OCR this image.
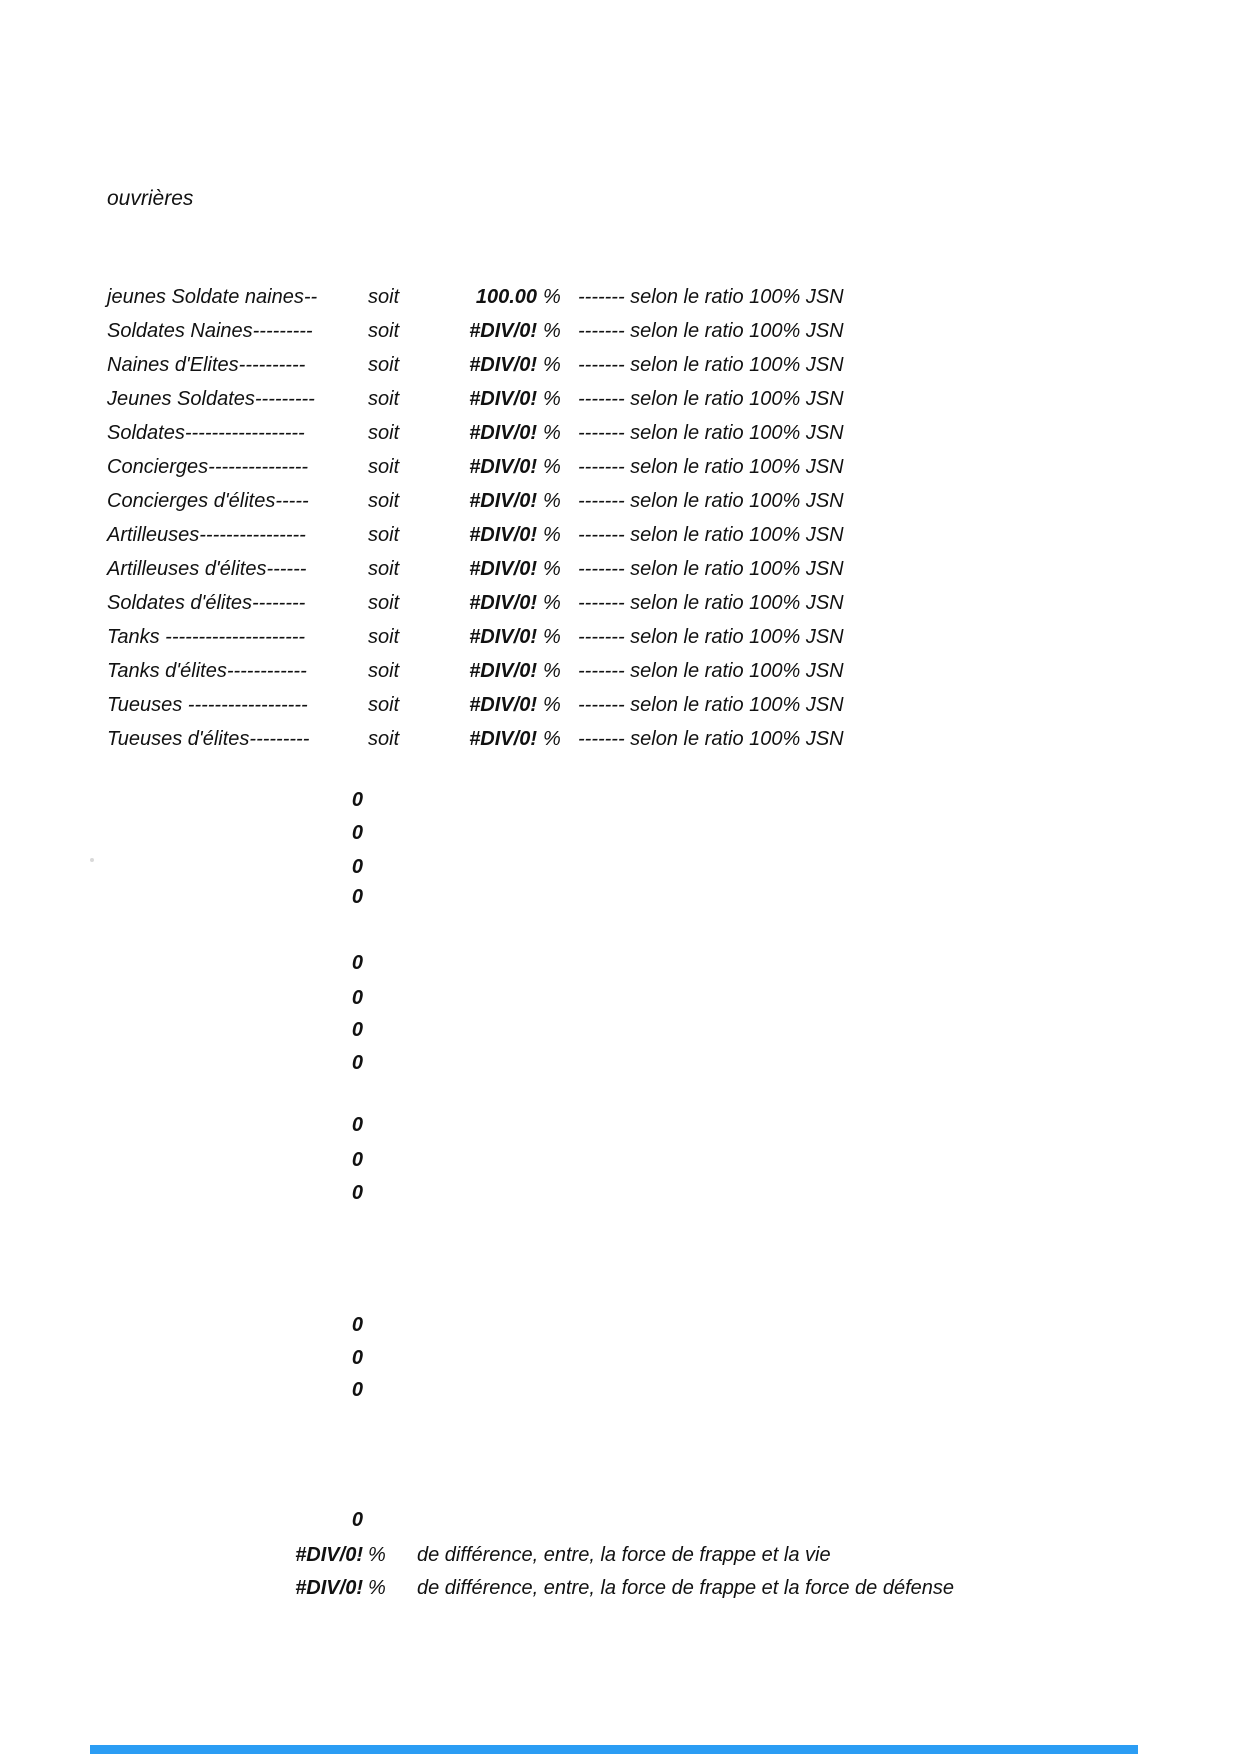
ouvrières
jeunes Soldate naines--	soit	100.00 % ------- selon le ratio 100% JSN
Soldates Naines---------	soit	#DIV/0! % ------- selon le ratio 100% JSN
Naines d'Elites----------	soit	#DIV/0! % ------- selon le ratio 100% JSN
Jeunes Soldates---------	soit	#DIV/0! % ------- selon le ratio 100% JSN
Soldates------------------	soit	#DIV/0! % ------- selon le ratio 100% JSN
Concierges---------------	soit	#DIV/0! % ------- selon le ratio 100% JSN
Concierges d'élites-----	soit	#DIV/0! % ------- selon le ratio 100% JSN
Artilleuses----------------	soit	#DIV/0! % ------- selon le ratio 100% JSN
Artilleuses d'élites------	soit	#DIV/0! % ------- selon le ratio 100% JSN
Soldates d'élites--------	soit	#DIV/0! % ------- selon le ratio 100% JSN
Tanks ---------------------	soit	#DIV/0! % ------- selon le ratio 100% JSN
Tanks d'élites------------	soit	#DIV/0! % ------- selon le ratio 100% JSN
Tueuses ------------------	soit	#DIV/0! % ------- selon le ratio 100% JSN
Tueuses d'élites---------	soit	#DIV/0! % ------- selon le ratio 100% JSN
0
0
0
0
0
0
0
0
0
0
0
0
0
0
0
#DIV/0! % de différence, entre, la force de frappe et la vie
#DIV/0! % de différence, entre, la force de frappe et la force de défense
